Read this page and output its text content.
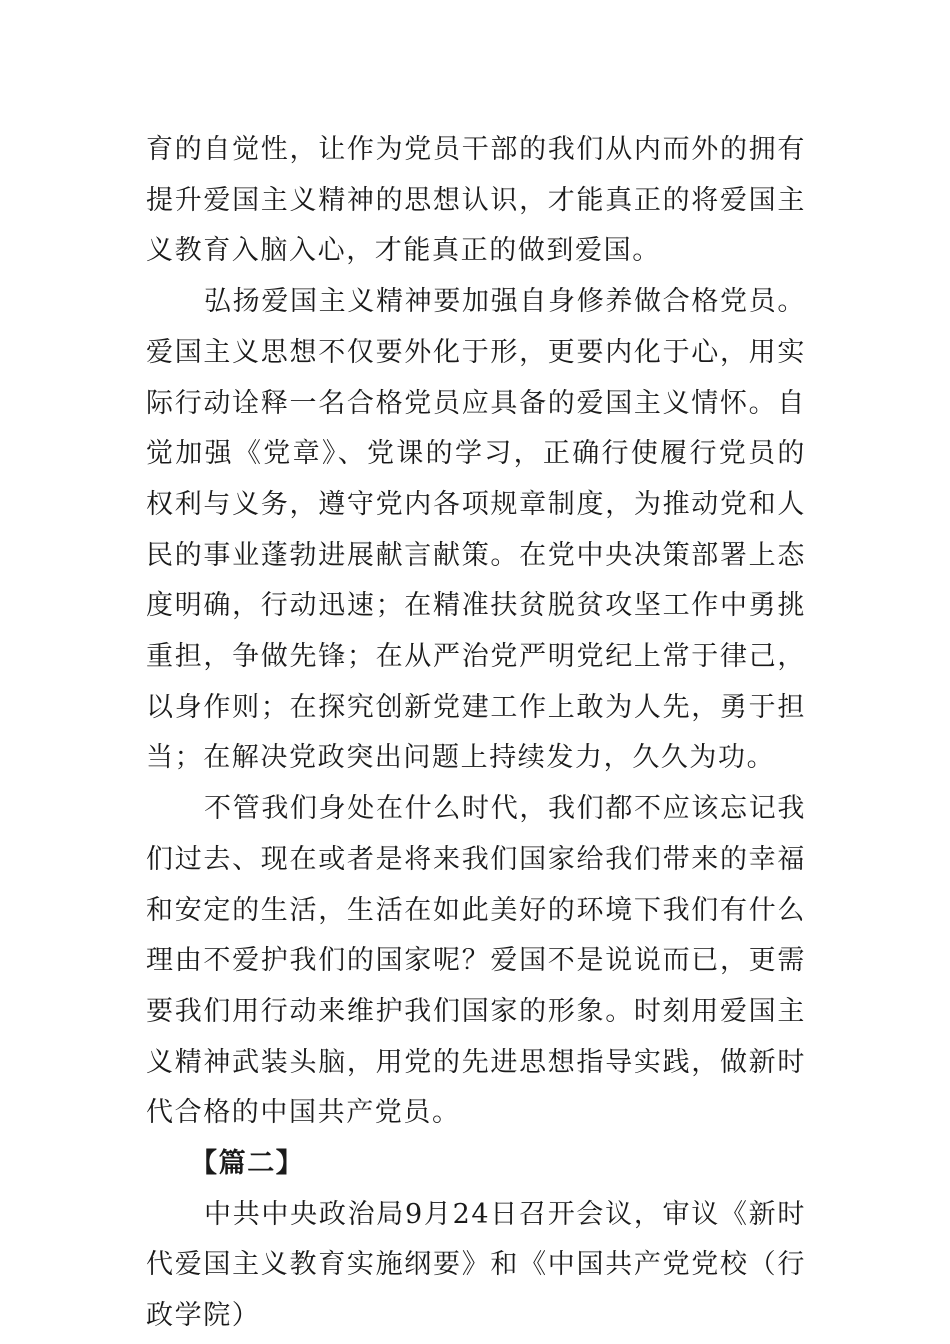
育的自觉性，让作为党员干部的我们从内而外的拥有提升爱国主义精神的思想认识，才能真正的将爱国主义教育入脑入心，才能真正的做到爱国。

弘扬爱国主义精神要加强自身修养做合格党员。爱国主义思想不仅要外化于形，更要内化于心，用实际行动诠释一名合格党员应具备的爱国主义情怀。自觉加强《党章》、党课的学习，正确行使履行党员的权利与义务，遵守党内各项规章制度，为推动党和人民的事业蓬勃进展献言献策。在党中央决策部署上态度明确，行动迅速；在精准扶贫脱贫攻坚工作中勇挑重担，争做先锋；在从严治党严明党纪上常于律己，以身作则；在探究创新党建工作上敢为人先，勇于担当；在解决党政突出问题上持续发力，久久为功。

不管我们身处在什么时代，我们都不应该忘记我们过去、现在或者是将来我们国家给我们带来的幸福和安定的生活，生活在如此美好的环境下我们有什么理由不爱护我们的国家呢？爱国不是说说而已，更需要我们用行动来维护我们国家的形象。时刻用爱国主义精神武装头脑，用党的先进思想指导实践，做新时代合格的中国共产党员。

【篇二】

中共中央政治局9月24日召开会议，审议《新时代爱国主义教育实施纲要》和《中国共产党党校（行政学院）
